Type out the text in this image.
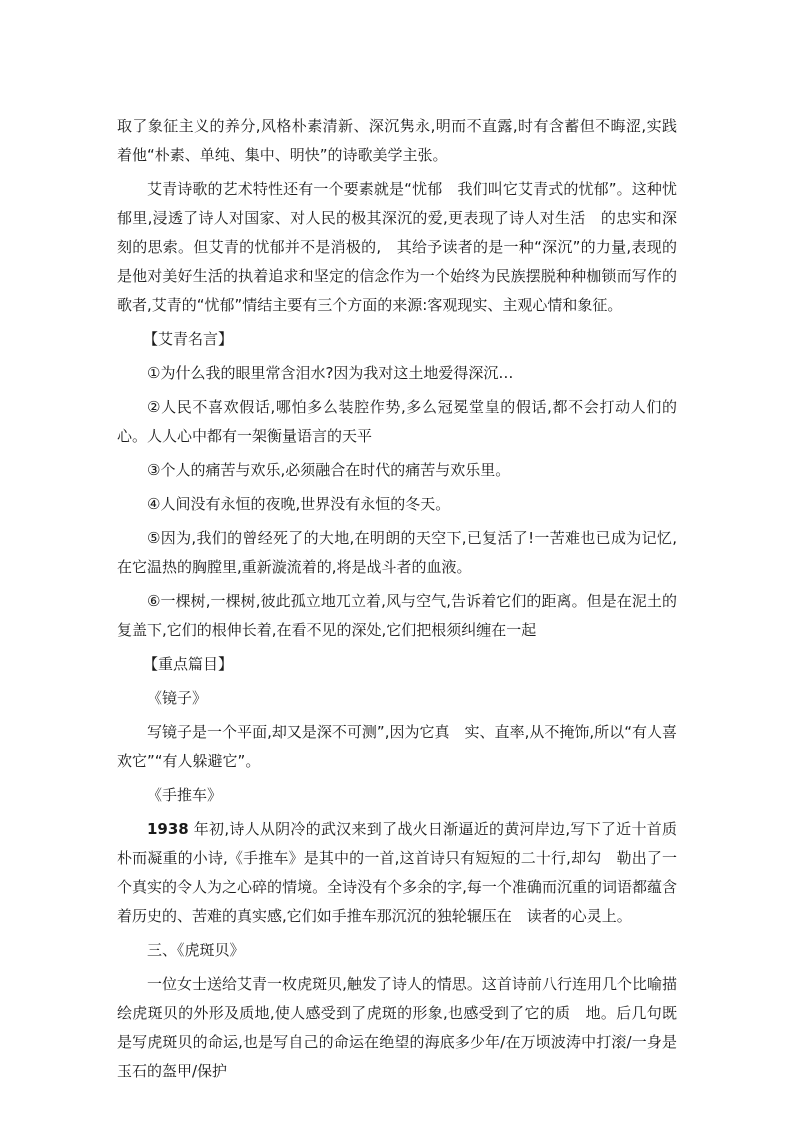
取了象征主义的养分,风格朴素清新、深沉隽永,明而不直露,时有含蓄但不晦涩,实践　着他“朴素、单纯、集中、明快”的诗歌美学主张。

艾青诗歌的艺术特性还有一个要素就是“忧郁　我们叫它艾青式的忧郁”。这种忧郁里,浸透了诗人对国家、对人民的极其深沉的爱,更表现了诗人对生活　的忠实和深刻的思索。但艾青的忧郁并不是消极的,　其给予读者的是一种“深沉”的力量,表现的是他对美好生活的执着追求和坚定的信念作为一个始终为民族摆脱种种枷锁而写作的歌者,艾青的“忧郁”情结主要有三个方面的来源:客观现实、主观心情和象征。

【艾青名言】

①为什么我的眼里常含泪水?因为我对这土地爱得深沉…

②人民不喜欢假话,哪怕多么装腔作势,多么冠冕堂皇的假话,都不会打动人们的心。人人心中都有一架衡量语言的天平

③个人的痛苦与欢乐,必须融合在时代的痛苦与欢乐里。

④人间没有永恒的夜晚,世界没有永恒的冬天。

⑤因为,我们的曾经死了的大地,在明朗的天空下,已复活了!一苦难也已成为记忆,在它温热的胸膛里,重新漩流着的,将是战斗者的血液。

⑥一棵树,一棵树,彼此孤立地兀立着,风与空气,告诉着它们的距离。但是在泥土的复盖下,它们的根伸长着,在看不见的深处,它们把根须纠缠在一起

【重点篇目】

《镜子》

写镜子是一个平面,却又是深不可测”,因为它真　实、直率,从不掩饰,所以“有人喜欢它”“有人躲避它”。

《手推车》

1938 年初,诗人从阴冷的武汉来到了战火日渐逼近的黄河岸边,写下了近十首质朴而凝重的小诗,《手推车》是其中的一首,这首诗只有短短的二十行,却勾　勒出了一个真实的令人为之心碎的情境。全诗没有个多余的字,每一个准确而沉重的词语都蕴含着历史的、苦难的真实感,它们如手推车那沉沉的独轮辗压在　读者的心灵上。

三、《虎斑贝》

一位女士送给艾青一枚虎斑贝,触发了诗人的情思。这首诗前八行连用几个比喻描绘虎斑贝的外形及质地,使人感受到了虎斑的形象,也感受到了它的质　地。后几句既是写虎斑贝的命运,也是写自己的命运在绝望的海底多少年/在万顷波涛中打滚/一身是玉石的盔甲/保护
